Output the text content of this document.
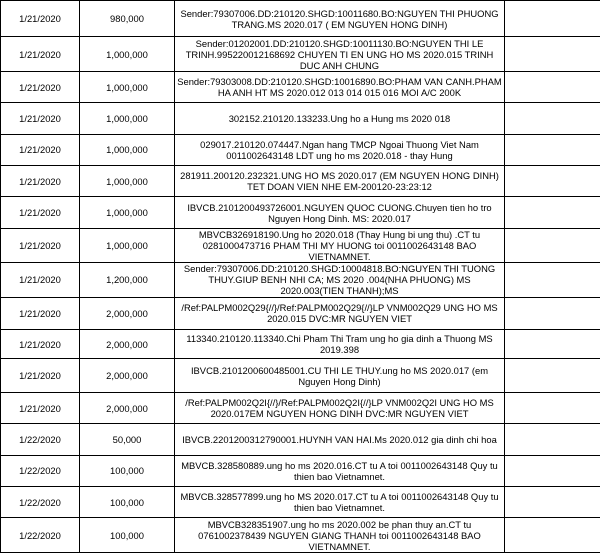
1/21/2020	980,000	Sender:79307006.DD:210120.SHGD:10011680.BO:NGUYEN THI PHUONG TRANG.MS 2020.017 ( EM NGUYEN HONG DINH)	
1/21/2020	1,000,000	Sender:01202001.DD:210120.SHGD:10011130.BO:NGUYEN THI LE TRINH.995220012168692 CHUYEN TI EN UNG HO MS 2020.015 TRINH DUC ANH CHUNG	
1/21/2020	1,000,000	Sender:79303008.DD:210120.SHGD:10016890.BO:PHAM VAN CANH.PHAM HA ANH HT MS 2020.012 013 014 015 016 MOI A/C 200K	
1/21/2020	1,000,000	302152.210120.133233.Ung ho a Hung ms 2020 018	
1/21/2020	1,000,000	029017.210120.074447.Ngan hang TMCP Ngoai Thuong Viet Nam 0011002643148 LDT ung ho ms 2020.018 - thay Hung	
1/21/2020	1,000,000	281911.200120.232321.UNG HO MS 2020.017 (EM NGUYEN HONG DINH) TET DOAN VIEN NHE EM-200120-23:23:12	
1/21/2020	1,000,000	IBVCB.2101200493726001.NGUYEN QUOC CUONG.Chuyen tien ho tro Nguyen Hong Dinh. MS: 2020.017	
1/21/2020	1,000,000	MBVCB326918190.Ung ho 2020.018 (Thay Hung bi ung thu) .CT tu 0281000473716 PHAM THI MY HUONG toi 0011002643148 BAO VIETNAMNET.	
1/21/2020	1,200,000	Sender:79307006.DD:210120.SHGD:10004818.BO:NGUYEN THI TUONG THUY.GIUP BENH NHI CA; MS 2020 .004(NHA PHUONG) MS 2020.003(TIEN THANH);MS	
1/21/2020	2,000,000	/Ref:PALPM002Q29{//}/Ref:PALPM002Q29{//}LP VNM002Q29 UNG HO MS 2020.015 DVC:MR NGUYEN VIET	
1/21/2020	2,000,000	113340.210120.113340.Chi Pham Thi Tram ung ho gia dinh a Thuong MS 2019.398	
1/21/2020	2,000,000	IBVCB.2101200600485001.CU THI LE THUY.ung ho MS 2020.017 (em Nguyen Hong Dinh)	
1/21/2020	2,000,000	/Ref:PALPM002Q2I{//}/Ref:PALPM002Q2I{//}LP VNM002Q2I UNG HO MS 2020.017EM NGUYEN HONG DINH DVC:MR NGUYEN VIET	
1/22/2020	50,000	IBVCB.2201200312790001.HUYNH VAN HAI.Ms 2020.012 gia dinh chi hoa	
1/22/2020	100,000	MBVCB.328580889.ung ho ms 2020.016.CT tu A toi 0011002643148 Quy tu thien bao Vietnamnet.	
1/22/2020	100,000	MBVCB.328577899.ung ho MS 2020.017.CT tu A toi 0011002643148 Quy tu thien bao Vietnamnet.	
1/22/2020	100,000	MBVCB328351907.ung ho ms 2020.002 be phan thuy an.CT tu 0761002378439 NGUYEN GIANG THANH toi 0011002643148 BAO VIETNAMNET.	
